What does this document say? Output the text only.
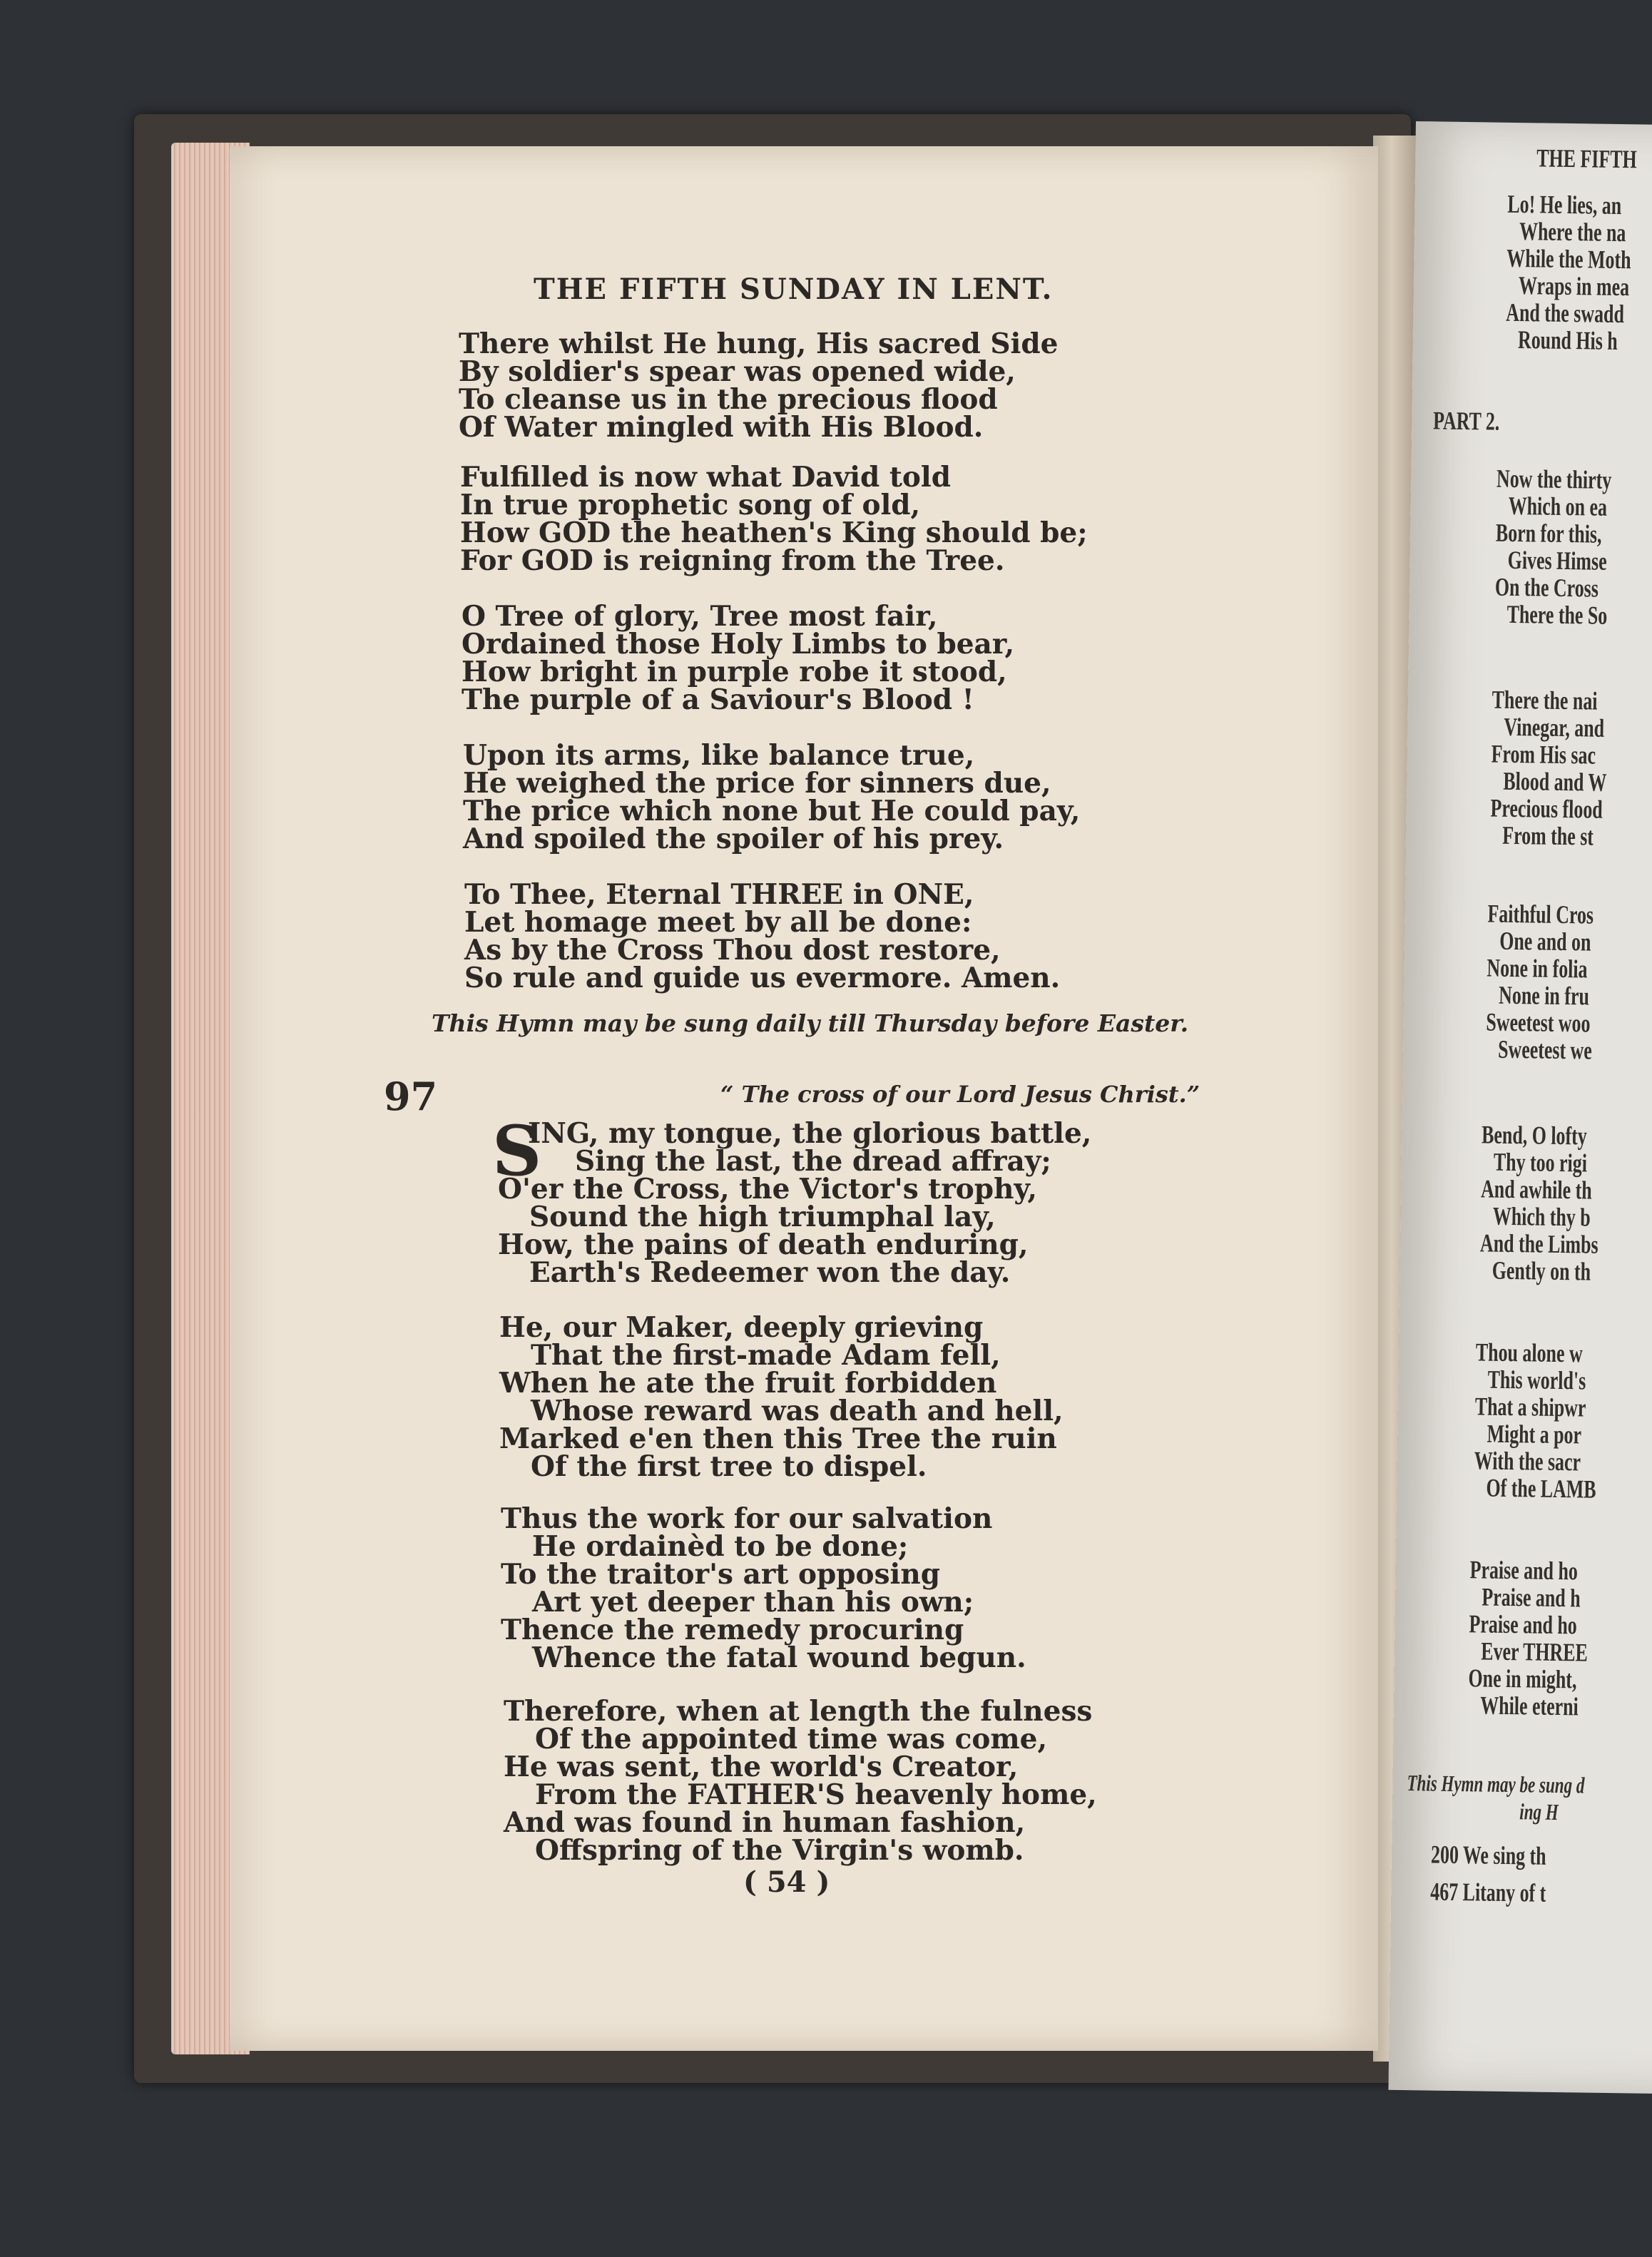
THE FIFTH
Lo! He lies, an
Where the na
While the Moth
Wraps in mea
And the swadd
Round His h
PART 2.
Now the thirty
Which on ea
Born for this,
Gives Himse
On the Cross
There the So
There the nai
Vinegar, and
From His sac
Blood and W
Precious flood
From the st
Faithful Cros
One and on
None in folia
None in fru
Sweetest woo
Sweetest we
Bend, O lofty
Thy too rigi
And awhile th
Which thy b
And the Limbs
Gently on th
Thou alone w
This world's
That a shipwr
Might a por
With the sacr
Of the LAMB
Praise and ho
Praise and h
Praise and ho
Ever THREE
One in might,
While eterni
This Hymn may be sung d
ing H
200 We sing th
467 Litany of t
THE FIFTH SUNDAY IN LENT.
There whilst He hung, His sacred Side
By soldier's spear was opened wide,
To cleanse us in the precious flood
Of Water mingled with His Blood.
Fulfilled is now what David told
In true prophetic song of old,
How GOD the heathen's King should be;
For GOD is reigning from the Tree.
O Tree of glory, Tree most fair,
Ordained those Holy Limbs to bear,
How bright in purple robe it stood,
The purple of a Saviour's Blood !
Upon its arms, like balance true,
He weighed the price for sinners due,
The price which none but He could pay,
And spoiled the spoiler of his prey.
To Thee, Eternal THREE in ONE,
Let homage meet by all be done:
As by the Cross Thou dost restore,
So rule and guide us evermore. Amen.
This Hymn may be sung daily till Thursday before Easter.
97	“ The cross of our Lord Jesus Christ.”
S
ING, my tongue, the glorious battle,
Sing the last, the dread affray;
O'er the Cross, the Victor's trophy,
Sound the high triumphal lay,
How, the pains of death enduring,
Earth's Redeemer won the day.
He, our Maker, deeply grieving
That the first-made Adam fell,
When he ate the fruit forbidden
Whose reward was death and hell,
Marked e'en then this Tree the ruin
Of the first tree to dispel.
Thus the work for our salvation
He ordainèd to be done;
To the traitor's art opposing
Art yet deeper than his own;
Thence the remedy procuring
Whence the fatal wound begun.
Therefore, when at length the fulness
Of the appointed time was come,
He was sent, the world's Creator,
From the FATHER'S heavenly home,
And was found in human fashion,
Offspring of the Virgin's womb.
( 54 )
